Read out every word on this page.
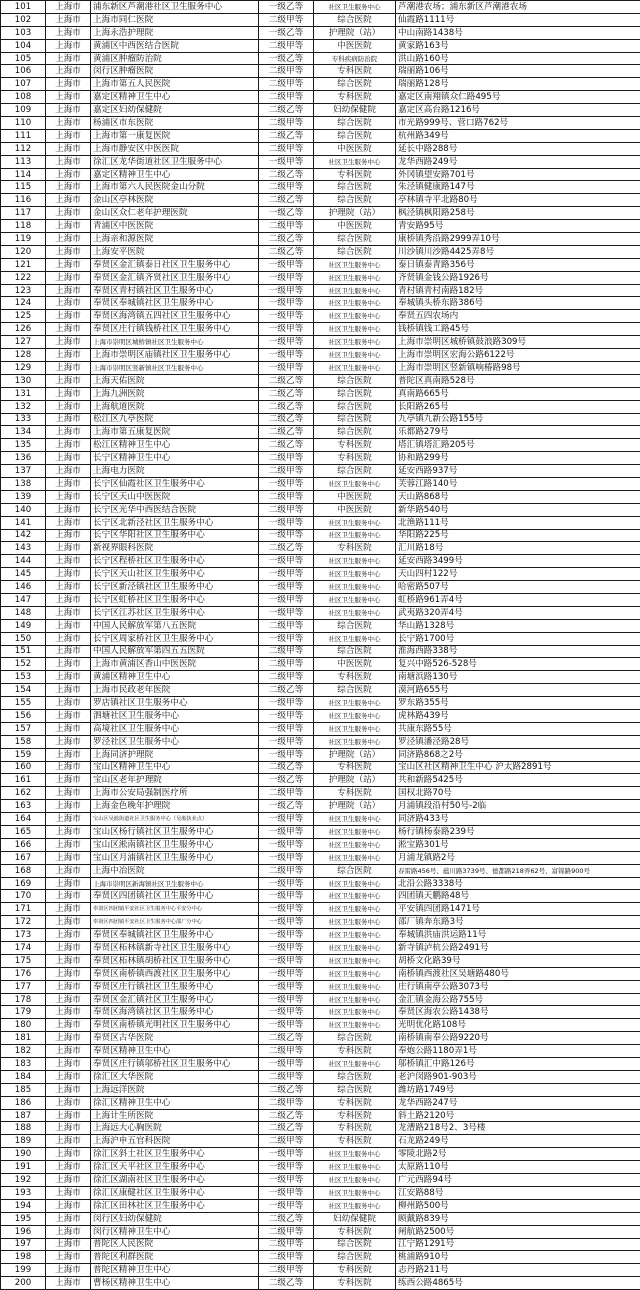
101	上海市	浦东新区芦潮港社区卫生服务中心	一级乙等	社区卫生服务中心	芦潮港农场；浦东新区芦潮港农场
102	上海市	上海市同仁医院	二级甲等	综合医院	仙霞路1111号
103	上海市	上海永浩护理院	一级乙等	护理院（站）	中山南路1438号
104	上海市	黄浦区中西医结合医院	二级甲等	中医医院	黄家路163号
105	上海市	黄浦区肿瘤防治院	一级乙等	专科疾病防治院	洪山路160号
106	上海市	闵行区肿瘤医院	二级甲等	专科医院	瑞丽路106号
107	上海市	上海市第五人民医院	二级甲等	综合医院	瑞丽路128号
108	上海市	嘉定区精神卫生中心	二级甲等	专科医院	嘉定区南翔镇众仁路495号
109	上海市	嘉定区妇幼保健院	二级乙等	妇幼保健院	嘉定区高台路1216号
110	上海市	杨浦区市东医院	二级甲等	综合医院	市光路999号、营口路762号
111	上海市	上海市第一康复医院	二级乙等	综合医院	杭州路349号
112	上海市	上海市静安区中医医院	二级甲等	中医医院	延长中路288号
113	上海市	徐汇区龙华街道社区卫生服务中心	一级甲等	社区卫生服务中心	龙华西路249号
114	上海市	嘉定区精神卫生中心	二级乙等	专科医院	外冈镇望安路701号
115	上海市	上海市第六人民医院金山分院	二级甲等	综合医院	朱泾镇健康路147号
116	上海市	金山区亭林医院	二级乙等	综合医院	亭林镇寺平北路80号
117	上海市	金山区众仁老年护理医院	一级乙等	护理院（站）	枫泾镇枫阳路258号
118	上海市	青浦区中医医院	二级甲等	中医医院	青安路95号
119	上海市	上海亲和源医院	二级乙等	综合医院	康桥镇秀沿路2999弄10号
120	上海市	上海安平医院	二级乙等	综合医院	川沙镇川沙路4425弄8号
121	上海市	奉贤区金汇镇泰日社区卫生服务中心	一级甲等	社区卫生服务中心	泰日镇泰青路356号
122	上海市	奉贤区金汇镇齐贤社区卫生服务中心	一级甲等	社区卫生服务中心	齐贤镇金钱公路1926号
123	上海市	奉贤区青村镇社区卫生服务中心	一级甲等	社区卫生服务中心	青村镇青村南路182号
124	上海市	奉贤区奉城镇社区卫生服务中心	一级甲等	社区卫生服务中心	奉城镇头桥东路386号
125	上海市	奉贤区海湾镇五四社区卫生服务中心	一级甲等	社区卫生服务中心	奉贤五四农场内
126	上海市	奉贤区庄行镇钱桥社区卫生服务中心	一级甲等	社区卫生服务中心	钱桥镇钱工路45号
127	上海市	上海市崇明区城桥镇社区卫生服务中心	一级甲等	社区卫生服务中心	上海市崇明区城桥镇鼓浪路309号
128	上海市	上海市崇明区庙镇社区卫生服务中心	一级甲等	社区卫生服务中心	上海市崇明区宏海公路6122号
129	上海市	上海市崇明区竖新镇社区卫生服务中心	一级甲等	社区卫生服务中心	上海市崇明区竖新镇响椿路98号
130	上海市	上海天佑医院	二级乙等	综合医院	普陀区真南路528号
131	上海市	上海九洲医院	二级乙等	综合医院	真南路665号
132	上海市	上海航道医院	二级乙等	综合医院	长阳路265号
133	上海市	松江区九亭医院	二级乙等	综合医院	九亭镇九新公路155号
134	上海市	上海市第五康复医院	二级乙等	综合医院	乐都路279号
135	上海市	松江区精神卫生中心	二级乙等	专科医院	塔汇镇塔汇路205号
136	上海市	长宁区精神卫生中心	二级甲等	专科医院	协和路299号
137	上海市	上海电力医院	二级甲等	综合医院	延安西路937号
138	上海市	长宁区仙霞社区卫生服务中心	一级甲等	社区卫生服务中心	芙蓉江路140号
139	上海市	长宁区天山中医医院	二级甲等	中医医院	天山路868号
140	上海市	长宁区光华中西医结合医院	二级甲等	中医医院	新华路540号
141	上海市	长宁区北新泾社区卫生服务中心	一级甲等	社区卫生服务中心	北渔路111号
142	上海市	长宁区华阳社区卫生服务中心	一级甲等	社区卫生服务中心	华阳路225号
143	上海市	新视界眼科医院	二级乙等	专科医院	汇川路18号
144	上海市	长宁区程桥社区卫生服务中心	一级甲等	社区卫生服务中心	延安西路3499号
145	上海市	长宁区天山社区卫生服务中心	一级甲等	社区卫生服务中心	天山四村122号
146	上海市	长宁区新泾镇社区卫生服务中心	一级甲等	社区卫生服务中心	哈密路507号
147	上海市	长宁区虹桥社区卫生服务中心	一级甲等	社区卫生服务中心	虹桥路961弄4号
148	上海市	长宁区江苏社区卫生服务中心	一级甲等	社区卫生服务中心	武夷路320弄4号
149	上海市	中国人民解放军第八五医院	二级甲等	综合医院	华山路1328号
150	上海市	长宁区周家桥社区卫生服务中心	一级甲等	社区卫生服务中心	长宁路1700号
151	上海市	中国人民解放军第四五五医院	二级甲等	综合医院	淮海西路338号
152	上海市	上海市黄浦区香山中医医院	二级甲等	中医医院	复兴中路526-528号
153	上海市	黄浦区精神卫生中心	二级甲等	专科医院	南塘浜路130号
154	上海市	上海市民政老年医院	二级乙等	综合医院	漠河路655号
155	上海市	罗店镇社区卫生服务中心	一级甲等	社区卫生服务中心	罗东路355号
156	上海市	泗塘社区卫生服务中心	一级甲等	社区卫生服务中心	虎林路439号
157	上海市	高境社区卫生服务中心	一级甲等	社区卫生服务中心	共康东路55号
158	上海市	罗泾社区卫生服务中心	一级甲等	社区卫生服务中心	罗泾镇潘泾路28号
159	上海市	上海同济护理院	一级甲等	护理院（站）	同济路868之2号
160	上海市	宝山区精神卫生中心	二级乙等	专科医院	宝山区社区精神卫生中心 沪太路2891号
161	上海市	宝山区老年护理院	一级乙等	护理院（站）	共和新路5425号
162	上海市	上海市公安局强制医疗所	二级甲等	专科医院	国权北路70号
163	上海市	上海金色晚年护理院	一级乙等	护理院（站）	月浦镇段沿村50号-2临
164	上海市	宝山区吴淞街道社区卫生服务中心（吴淞执业点）	一级甲等	社区卫生服务中心	同济路433号
165	上海市	宝山区杨行镇社区卫生服务中心	一级甲等	社区卫生服务中心	杨行镇杨泰路239号
166	上海市	宝山区淞南镇社区卫生服务中心	一级甲等	社区卫生服务中心	淞宝路301号
167	上海市	宝山区月浦镇社区卫生服务中心	一级甲等	社区卫生服务中心	月浦龙镇路2号
168	上海市	上海中冶医院	二级甲等	综合医院	春雷路456号、蕴川路3739号、德都路218弄62号、富锦路900号
169	上海市	上海市崇明区新海镇社区卫生服务中心	一级甲等	社区卫生服务中心	北沿公路3338号
170	上海市	奉贤区四团镇社区卫生服务中心	一级甲等	社区卫生服务中心	四团镇天鹏路48号
171	上海市	奉贤区四团镇平安社区卫生服务中心平安分中心	一级甲等	社区卫生服务中心	平安镇四团路1471号
172	上海市	奉贤区四团镇平安社区卫生服务中心邵厂分中心	一级甲等	社区卫生服务中心	邵厂镇奔东路3号
173	上海市	奉贤区奉城镇社区卫生服务中心	一级甲等	社区卫生服务中心	奉城镇洪庙洪运路11号
174	上海市	奉贤区柘林镇新寺社区卫生服务中心	一级甲等	社区卫生服务中心	新寺镇泸杭公路2491号
175	上海市	奉贤区柘林镇胡桥社区卫生服务中心	一级甲等	社区卫生服务中心	胡桥文化路39号
176	上海市	奉贤区南桥镇西渡社区卫生服务中心	一级甲等	社区卫生服务中心	南桥镇西渡社区吴塘路480号
177	上海市	奉贤区庄行镇社区卫生服务中心	一级甲等	社区卫生服务中心	庄行镇南亭公路3073号
178	上海市	奉贤区金汇镇社区卫生服务中心	一级甲等	社区卫生服务中心	金汇镇金海公路755号
179	上海市	奉贤区海湾镇社区卫生服务中心	一级甲等	社区卫生服务中心	奉贤区海农公路1438号
180	上海市	奉贤区南桥镇光明社区卫生服务中心	一级甲等	社区卫生服务中心	光明优化路108号
181	上海市	奉贤区古华医院	二级乙等	综合医院	南桥镇南奉公路9220号
182	上海市	奉贤区精神卫生中心	二级甲等	专科医院	奉炮公路1180弄1号
183	上海市	奉贤区庄行镇邬桥社区卫生服务中心	一级甲等	社区卫生服务中心	邬桥镇汇中路126号
184	上海市	徐汇区大华医院	二级甲等	综合医院	老沪闵路901-903号
185	上海市	上海远洋医院	二级乙等	综合医院	潍坊路1749号
186	上海市	徐汇区精神卫生中心	二级甲等	专科医院	龙华西路247号
187	上海市	上海计生所医院	二级乙等	专科医院	斜土路2120号
188	上海市	上海远大心胸医院	二级乙等	专科医院	龙漕路218号2、3号楼
189	上海市	上海沪申五官科医院	二级甲等	专科医院	石龙路249号
190	上海市	徐汇区斜土社区卫生服务中心	一级甲等	社区卫生服务中心	零陵北路2号
191	上海市	徐汇区天平社区卫生服务中心	一级甲等	社区卫生服务中心	太原路110号
192	上海市	徐汇区湖南社区卫生服务中心	一级甲等	社区卫生服务中心	广元西路94号
193	上海市	徐汇区康健社区卫生服务中心	一级甲等	社区卫生服务中心	江安路88号
194	上海市	徐汇区田林社区卫生服务中心	一级甲等	社区卫生服务中心	柳州路500号
195	上海市	闵行区妇幼保健院	二级乙等	妇幼保健院	顾戴路839号
196	上海市	闵行区精神卫生中心	二级甲等	专科医院	闸航路2500号
197	上海市	普陀区人民医院	二级甲等	综合医院	江宁路1291号
198	上海市	普陀区利群医院	二级甲等	综合医院	桃浦路910号
199	上海市	普陀区精神卫生中心	二级甲等	专科医院	志丹路211号
200	上海市	曹杨区精神卫生中心	二级乙等	专科医院	练西公路4865号
